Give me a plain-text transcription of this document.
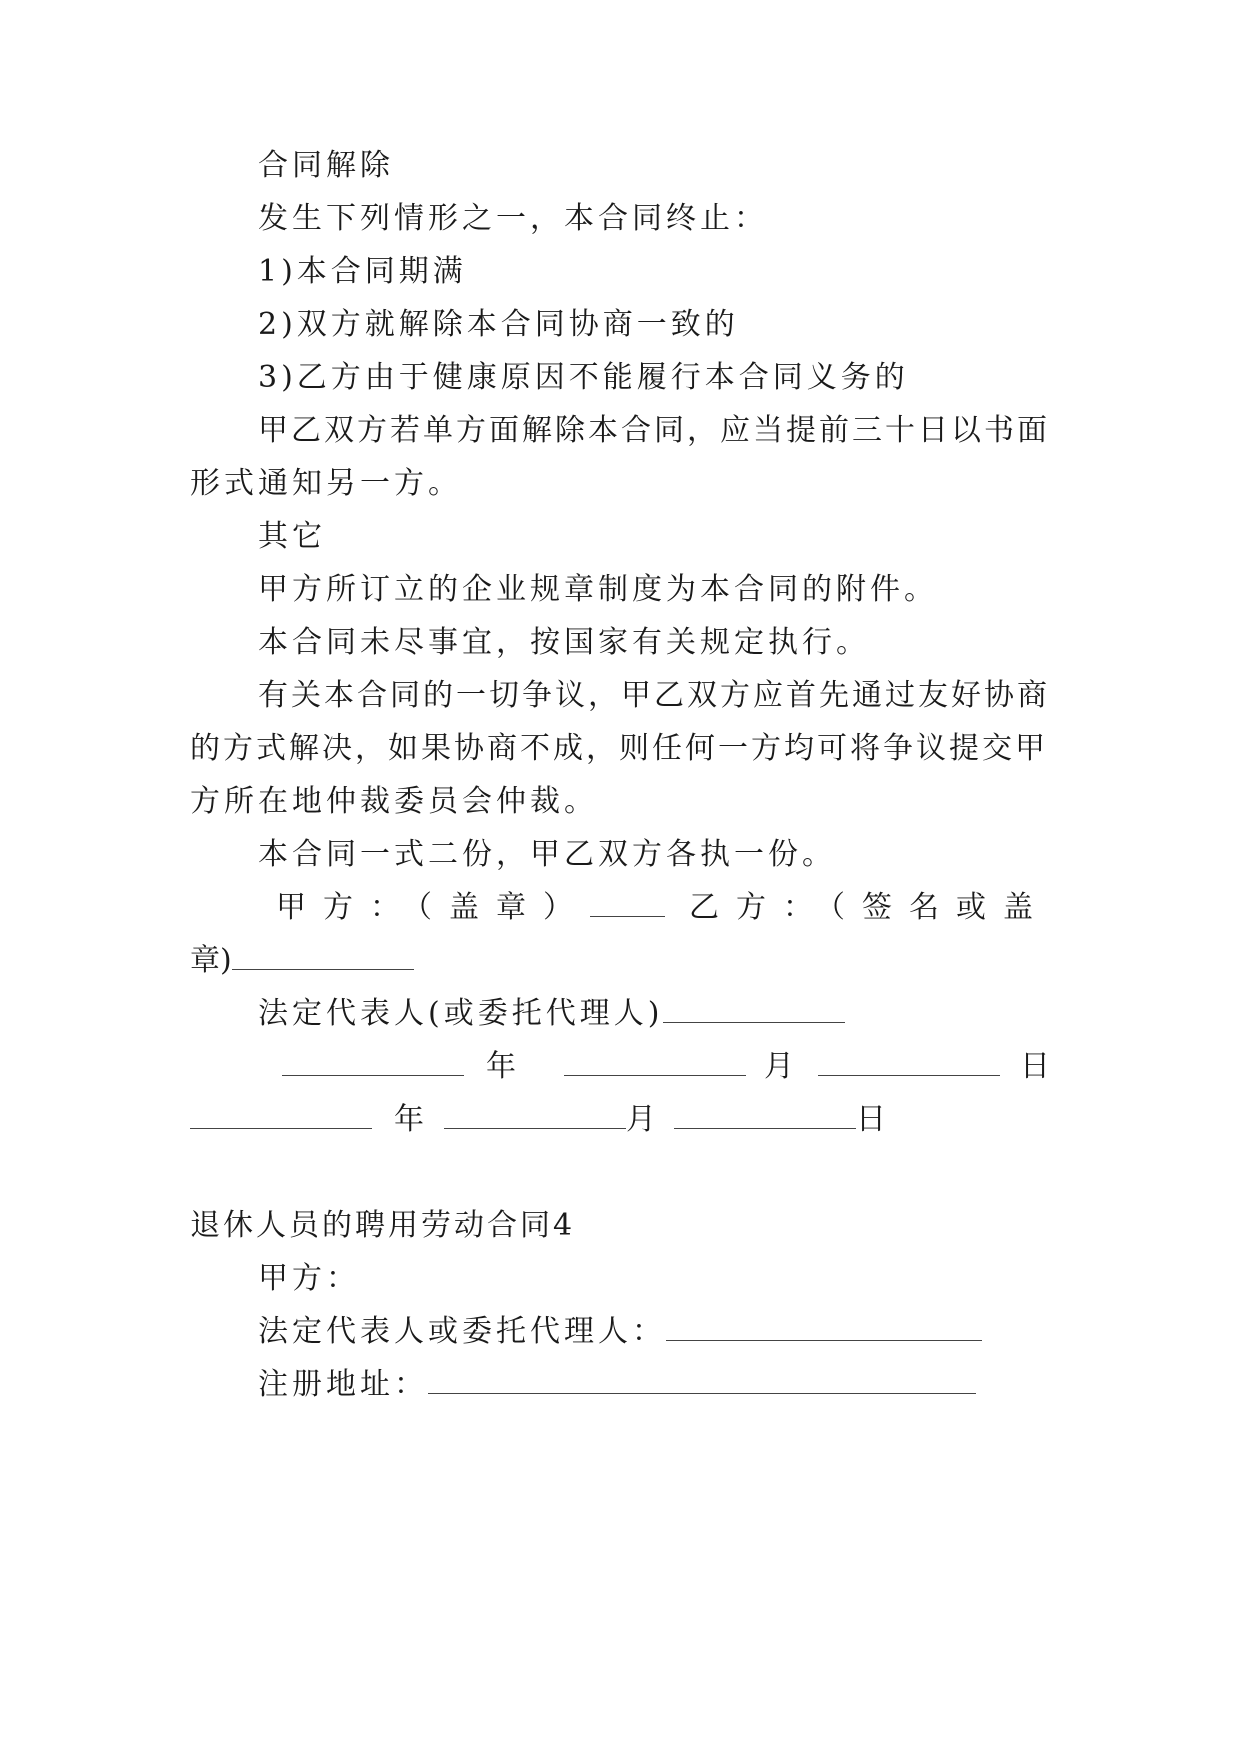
合同解除
发生下列情形之一，本合同终止：
1)本合同期满
2)双方就解除本合同协商一致的
3)乙方由于健康原因不能履行本合同义务的
甲乙双方若单方面解除本合同，应当提前三十日以书面
形式通知另一方。
其它
甲方所订立的企业规章制度为本合同的附件。
本合同未尽事宜，按国家有关规定执行。
有关本合同的一切争议，甲乙双方应首先通过友好协商
的方式解决，如果协商不成，则任何一方均可将争议提交甲
方所在地仲裁委员会仲裁。
本合同一式二份，甲乙双方各执一份。
甲方：（盖章）	乙方：（签名或盖
章)
法定代表人(或委托代理人)
年	月	日
年	月	日
退休人员的聘用劳动合同4
甲方：
法定代表人或委托代理人：
注册地址：
